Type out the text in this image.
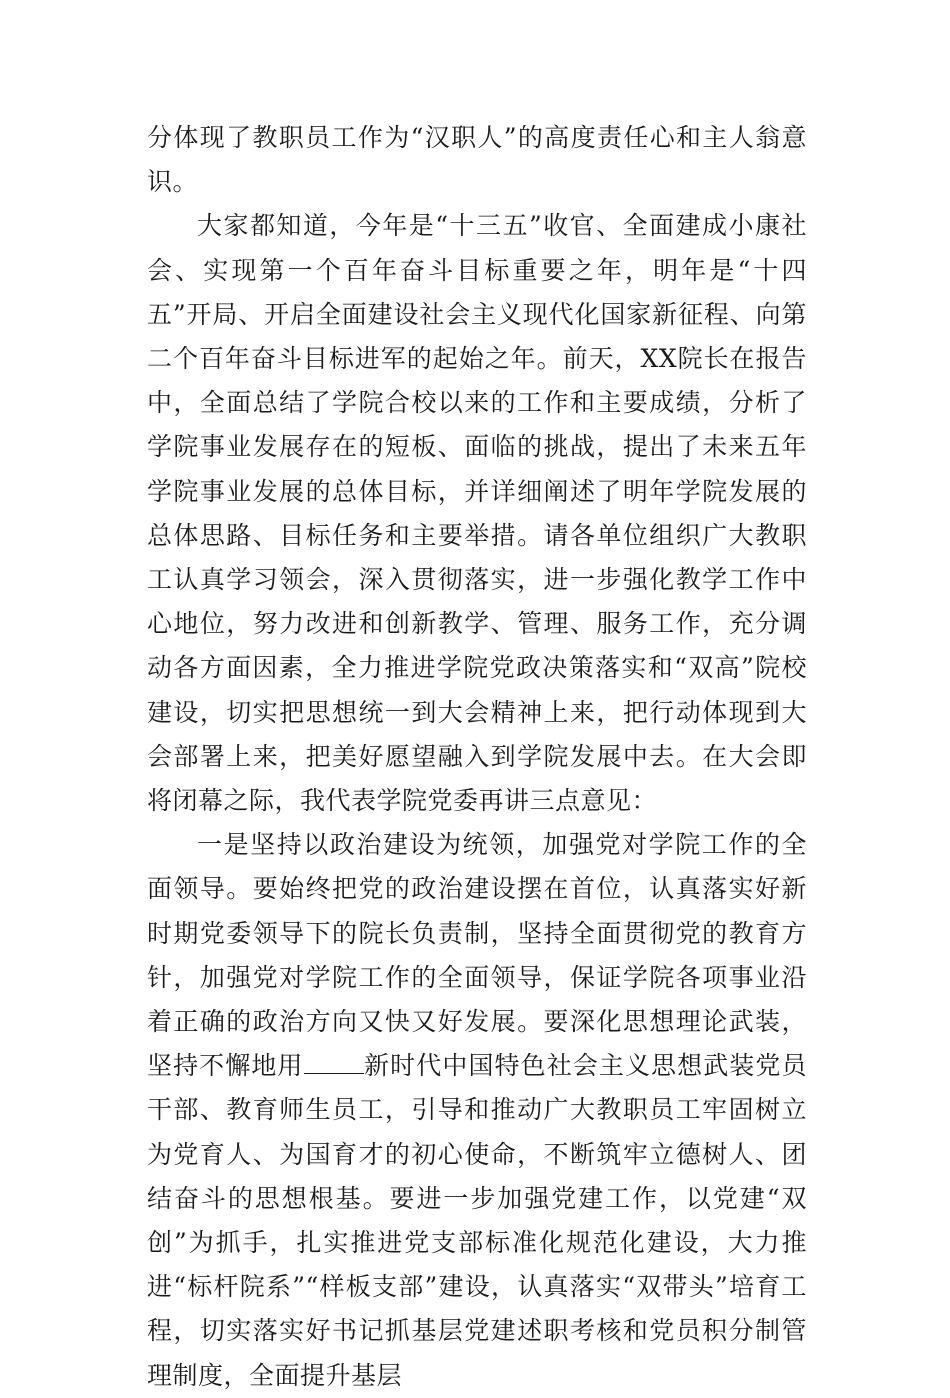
分体现了教职员工作为“汉职人”的高度责任心和主人翁意识。

大家都知道，今年是“十三五”收官、全面建成小康社会、实现第一个百年奋斗目标重要之年，明年是“十四五”开局、开启全面建设社会主义现代化国家新征程、向第二个百年奋斗目标进军的起始之年。前天，XX院长在报告中，全面总结了学院合校以来的工作和主要成绩，分析了学院事业发展存在的短板、面临的挑战，提出了未来五年学院事业发展的总体目标，并详细阐述了明年学院发展的总体思路、目标任务和主要举措。请各单位组织广大教职工认真学习领会，深入贯彻落实，进一步强化教学工作中心地位，努力改进和创新教学、管理、服务工作，充分调动各方面因素，全力推进学院党政决策落实和“双高”院校建设，切实把思想统一到大会精神上来，把行动体现到大会部署上来，把美好愿望融入到学院发展中去。在大会即将闭幕之际，我代表学院党委再讲三点意见：

一是坚持以政治建设为统领，加强党对学院工作的全面领导。要始终把党的政治建设摆在首位，认真落实好新时期党委领导下的院长负责制，坚持全面贯彻党的教育方针，加强党对学院工作的全面领导，保证学院各项事业沿着正确的政治方向又快又好发展。要深化思想理论武装，坚持不懈地用 新时代中国特色社会主义思想武装党员干部、教育师生员工，引导和推动广大教职员工牢固树立为党育人、为国育才的初心使命，不断筑牢立德树人、团结奋斗的思想根基。要进一步加强党建工作，以党建“双创”为抓手，扎实推进党支部标准化规范化建设，大力推进“标杆院系”“样板支部”建设，认真落实“双带头”培育工程，切实落实好书记抓基层党建述职考核和党员积分制管理制度，全面提升基层
